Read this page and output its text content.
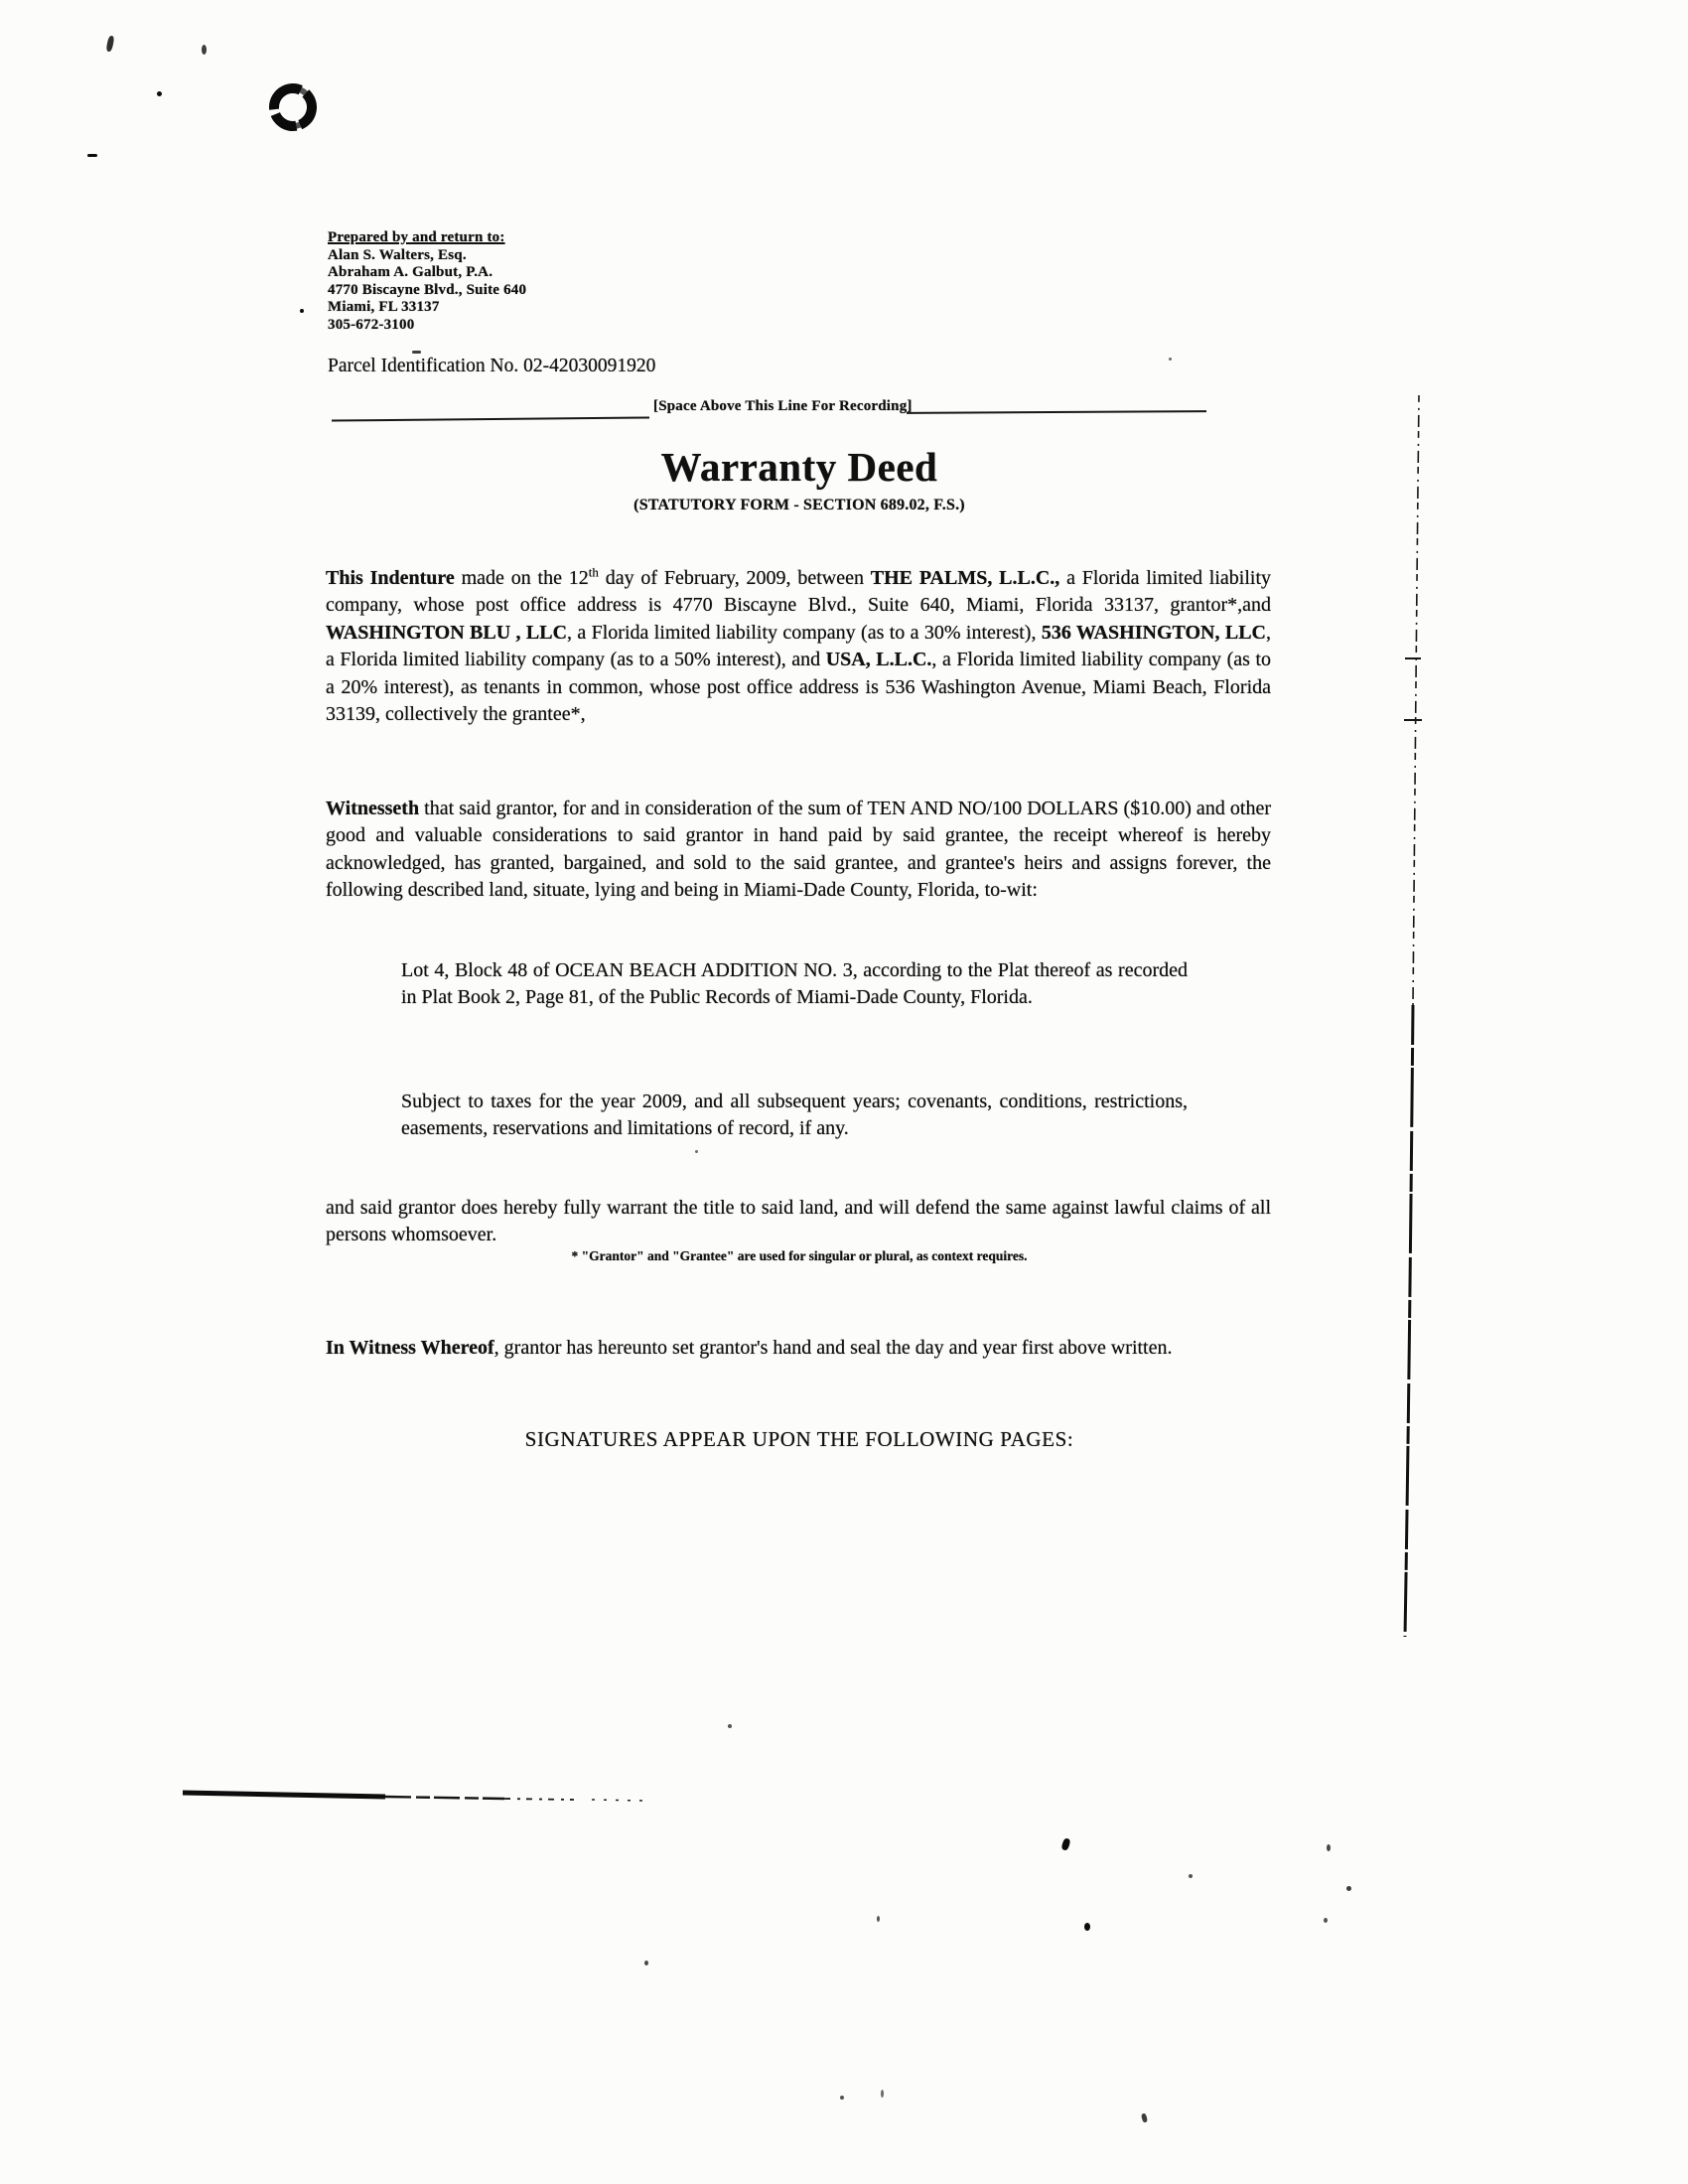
Prepared by and return to:
Alan S. Walters, Esq.
Abraham A. Galbut, P.A.
4770 Biscayne Blvd., Suite 640
Miami, FL 33137
305-672-3100
Parcel Identification No. 02-42030091920
[Space Above This Line For Recording]
Warranty Deed
(STATUTORY FORM - SECTION 689.02, F.S.)

This Indenture made on the 12th day of February, 2009, between THE PALMS, L.L.C., a Florida limited liability company, whose post office address is 4770 Biscayne Blvd., Suite 640, Miami, Florida 33137, grantor*,and WASHINGTON BLU , LLC, a Florida limited liability company (as to a 30% interest), 536 WASHINGTON, LLC, a Florida limited liability company (as to a 50% interest), and USA, L.L.C., a Florida limited liability company (as to a 20% interest), as tenants in common, whose post office address is 536 Washington Avenue, Miami Beach, Florida 33139, collectively the grantee*,

Witnesseth that said grantor, for and in consideration of the sum of TEN AND NO/100 DOLLARS ($10.00) and other good and valuable considerations to said grantor in hand paid by said grantee, the receipt whereof is hereby acknowledged, has granted, bargained, and sold to the said grantee, and grantee's heirs and assigns forever, the following described land, situate, lying and being in Miami-Dade County, Florida, to-wit:

Lot 4, Block 48 of OCEAN BEACH ADDITION NO. 3, according to the Plat thereof as recorded in Plat Book 2, Page 81, of the Public Records of Miami-Dade County, Florida.

Subject to taxes for the year 2009, and all subsequent years; covenants, conditions, restrictions, easements, reservations and limitations of record, if any.

and said grantor does hereby fully warrant the title to said land, and will defend the same against lawful claims of all persons whomsoever.

* "Grantor" and "Grantee" are used for singular or plural, as context requires.

In Witness Whereof, grantor has hereunto set grantor's hand and seal the day and year first above written.

SIGNATURES APPEAR UPON THE FOLLOWING PAGES:
